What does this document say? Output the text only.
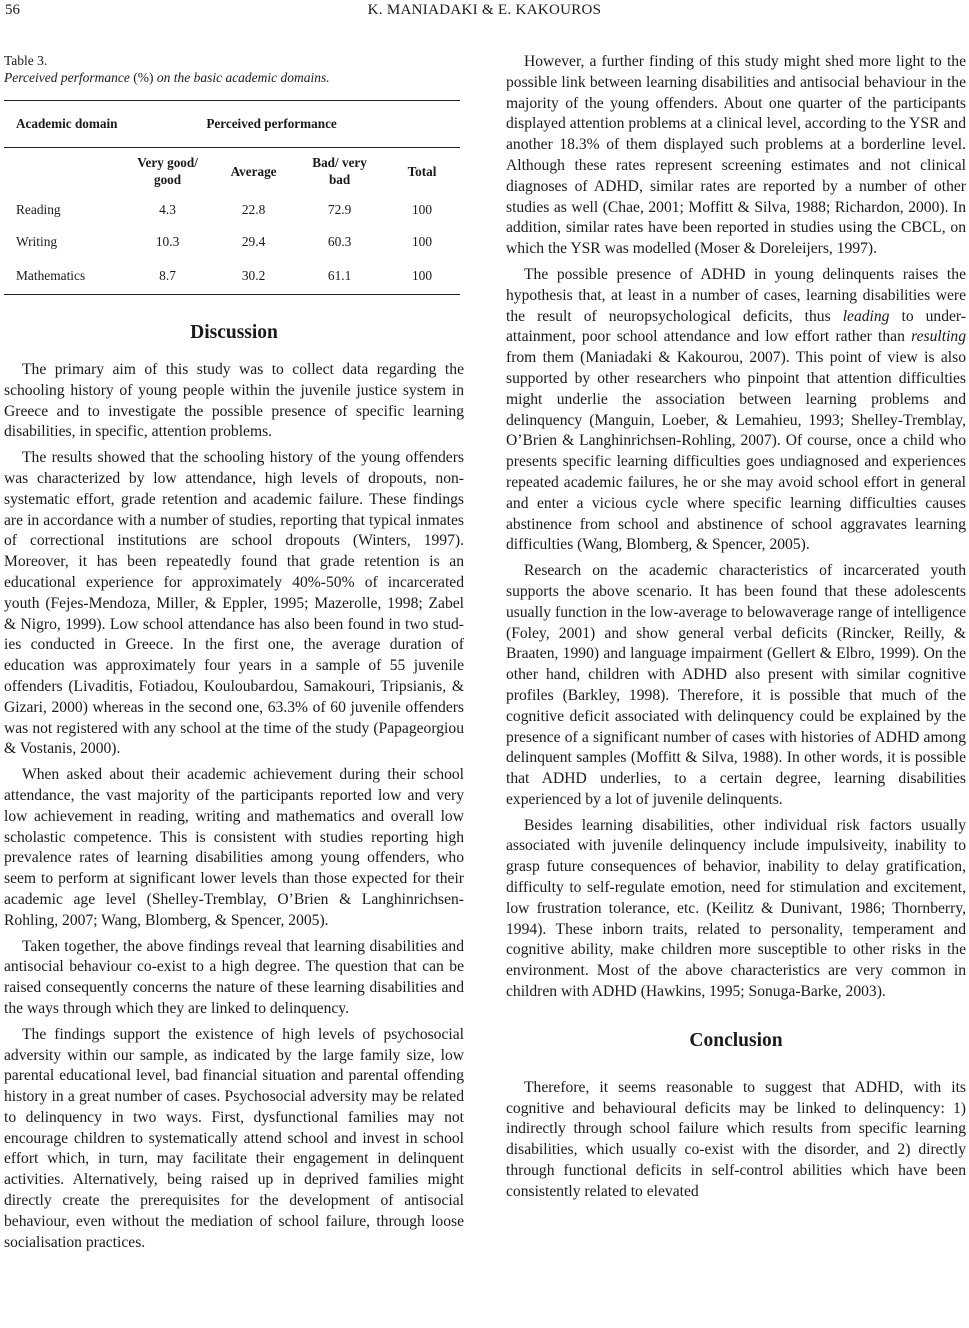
56	K. MANIADAKI & E. KAKOUROS
Table 3.
Perceived performance (%) on the basic academic domains.
Academic domain	Perceived performance			
	Very good/ good	Average	Bad/ very bad	Total
Reading	4.3	22.8	72.9	100
Writing	10.3	29.4	60.3	100
Mathematics	8.7	30.2	61.1	100
Discussion

The primary aim of this study was to collect data regarding the schooling history of young people within the juvenile justice system in Greece and to investigate the possible presence of specific learning disabilities, in specific, attention problems.

The results showed that the schooling history of the young offenders was characterized by low attendance, high levels of dropouts, non-systematic effort, grade retention and academic failure. These findings are in accordance with a number of studies, reporting that typical inmates of correctional institutions are school dropouts (Winters, 1997). Moreover, it has been repeatedly found that grade retention is an educational experience for approximately 40%-50% of incarcerated youth (Fejes-Mendoza, Miller, & Eppler, 1995; Mazerolle, 1998; Zabel & Nigro, 1999). Low school attendance has also been found in two studies conducted in Greece. In the first one, the average duration of education was approximately four years in a sample of 55 juvenile offenders (Livaditis, Fotiadou, Kouloubardou, Samakouri, Tripsianis, & Gizari, 2000) whereas in the second one, 63.3% of 60 juvenile offenders was not registered with any school at the time of the study (Papageorgiou & Vostanis, 2000).

When asked about their academic achievement during their school attendance, the vast majority of the participants reported low and very low achievement in reading, writing and mathematics and overall low scholastic competence. This is consistent with studies reporting high prevalence rates of learning disabilities among young offenders, who seem to perform at significant lower levels than those expected for their academic age level (Shelley-Tremblay, O’Brien & Langhinrichsen-Rohling, 2007; Wang, Blomberg, & Spencer, 2005).

Taken together, the above findings reveal that learning disabilities and antisocial behaviour co-exist to a high degree. The question that can be raised consequently concerns the nature of these learning disabilities and the ways through which they are linked to delinquency.

The findings support the existence of high levels of psychosocial adversity within our sample, as indicated by the large family size, low parental educational level, bad financial situation and parental offending history in a great number of cases. Psychosocial adversity may be related to delinquency in two ways. First, dysfunctional families may not encourage children to systematically attend school and invest in school effort which, in turn, may facilitate their engagement in delinquent activities. Alternatively, being raised up in deprived families might directly create the prerequisites for the development of antisocial behaviour, even without the mediation of school failure, through loose socialisation practices.

However, a further finding of this study might shed more light to the possible link between learning disabilities and antisocial behaviour in the majority of the young offenders. About one quarter of the participants displayed attention problems at a clinical level, according to the YSR and another 18.3% of them displayed such problems at a borderline level. Although these rates represent screening estimates and not clinical diagnoses of ADHD, similar rates are reported by a number of other studies as well (Chae, 2001; Moffitt & Silva, 1988; Richardon, 2000). In addition, similar rates have been reported in studies using the CBCL, on which the YSR was modelled (Moser & Doreleijers, 1997).

The possible presence of ADHD in young delinquents raises the hypothesis that, at least in a number of cases, learning disabilities were the result of neuropsychological deficits, thus leading to under-attainment, poor school attendance and low effort rather than resulting from them (Maniadaki & Kakourou, 2007). This point of view is also supported by other researchers who pinpoint that attention difficulties might underlie the association between learning problems and delinquency (Manguin, Loeber, & Lemahieu, 1993; Shelley-Tremblay, O’Brien & Langhinrichsen-Rohling, 2007). Of course, once a child who presents specific learning difficulties goes undiagnosed and experiences repeated academic failures, he or she may avoid school effort in general and enter a vicious cycle where specific learning difficulties causes abstinence from school and abstinence of school aggravates learning difficulties (Wang, Blomberg, & Spencer, 2005).

Research on the academic characteristics of incarcerated youth supports the above scenario. It has been found that these adolescents usually function in the low-average to belowaverage range of intelligence (Foley, 2001) and show general verbal deficits (Rincker, Reilly, & Braaten, 1990) and language impairment (Gellert & Elbro, 1999). On the other hand, children with ADHD also present with similar cognitive profiles (Barkley, 1998). Therefore, it is possible that much of the cognitive deficit associated with delinquency could be explained by the presence of a significant number of cases with histories of ADHD among delinquent samples (Moffitt & Silva, 1988). In other words, it is possible that ADHD underlies, to a certain degree, learning disabilities experienced by a lot of juvenile delinquents.

Besides learning disabilities, other individual risk factors usually associated with juvenile delinquency include impulsiveity, inability to grasp future consequences of behavior, inability to delay gratification, difficulty to self-regulate emotion, need for stimulation and excitement, low frustration tolerance, etc. (Keilitz & Dunivant, 1986; Thornberry, 1994). These inborn traits, related to personality, temperament and cognitive ability, make children more susceptible to other risks in the environment. Most of the above characteristics are very common in children with ADHD (Hawkins, 1995; Sonuga-Barke, 2003).

Conclusion

Therefore, it seems reasonable to suggest that ADHD, with its cognitive and behavioural deficits may be linked to delinquency: 1) indirectly through school failure which results from specific learning disabilities, which usually co-exist with the disorder, and 2) directly through functional deficits in self-control abilities which have been consistently related to elevated
